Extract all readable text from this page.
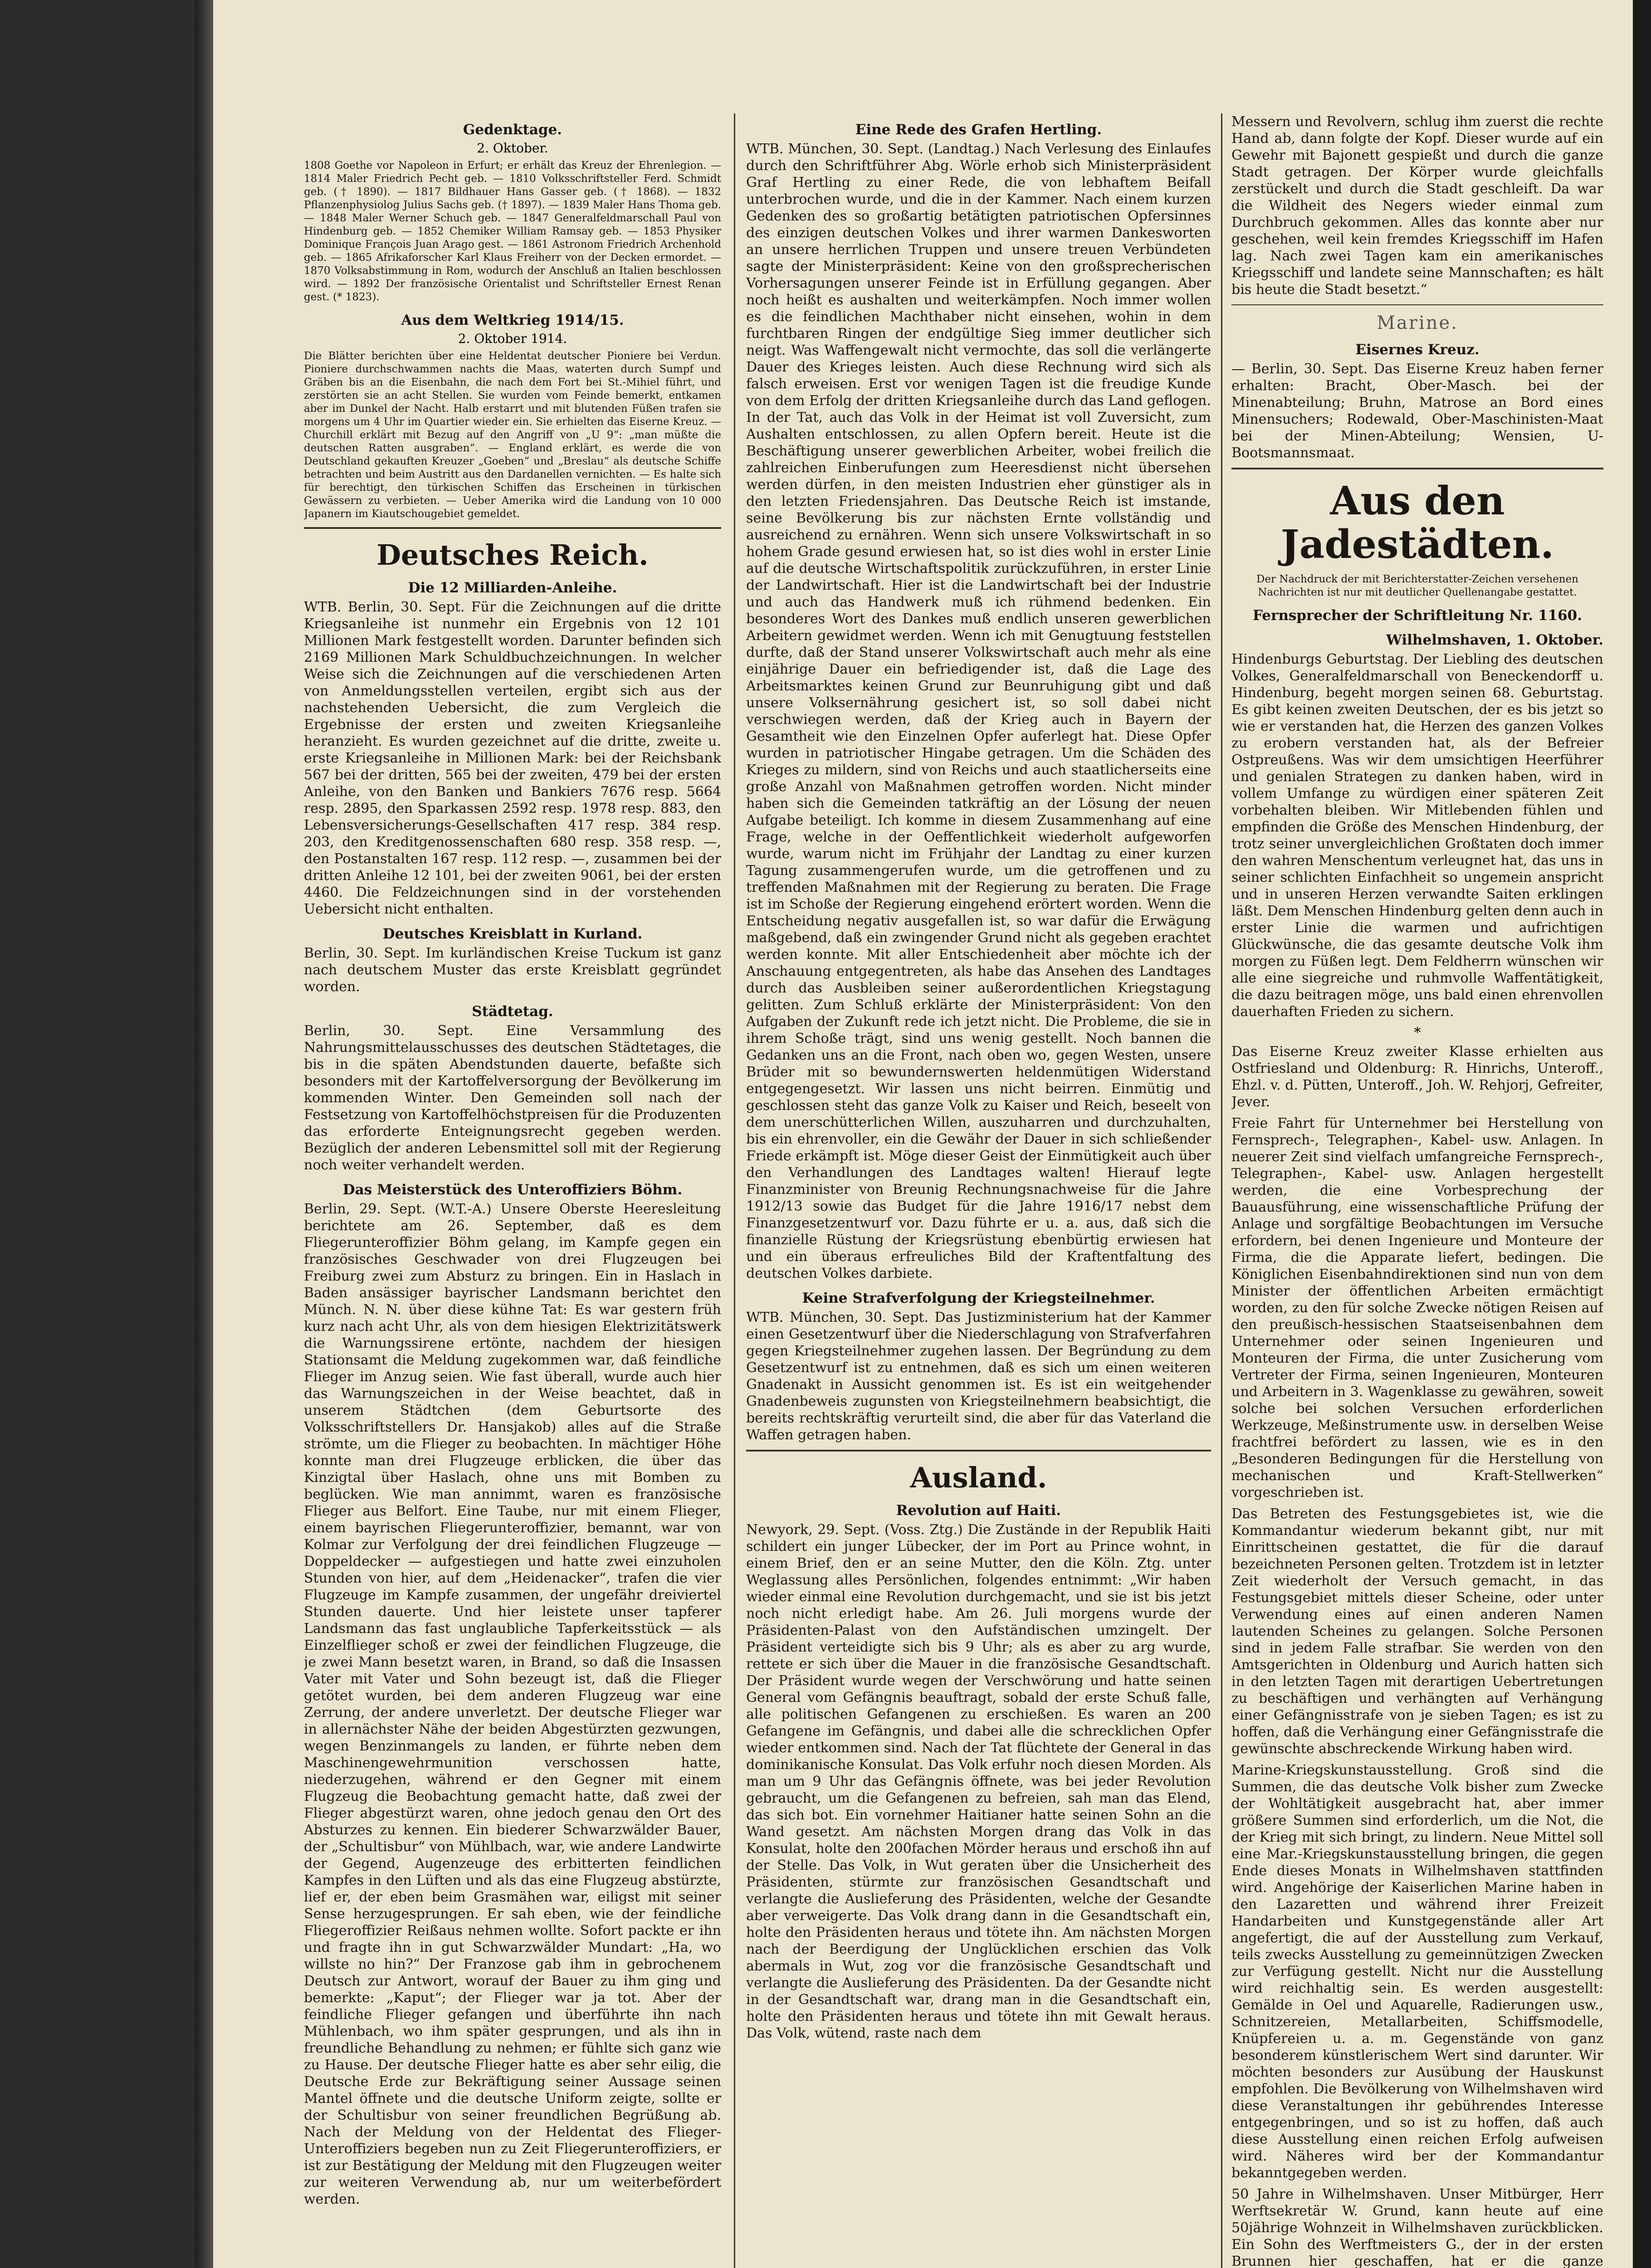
Gedenktage.
2. Oktober.

1808 Goethe vor Napoleon in Erfurt; er erhält das Kreuz der Ehrenlegion. — 1814 Maler Friedrich Pecht geb. — 1810 Volksschriftsteller Ferd. Schmidt geb. († 1890). — 1817 Bildhauer Hans Gasser geb. († 1868). — 1832 Pflanzenphysiolog Julius Sachs geb. († 1897). — 1839 Maler Hans Thoma geb. — 1848 Maler Werner Schuch geb. — 1847 Generalfeldmarschall Paul von Hindenburg geb. — 1852 Chemiker William Ramsay geb. — 1853 Physiker Dominique François Juan Arago gest. — 1861 Astronom Friedrich Archenhold geb. — 1865 Afrikaforscher Karl Klaus Freiherr von der Decken ermordet. — 1870 Volksabstimmung in Rom, wodurch der Anschluß an Italien beschlossen wird. — 1892 Der französische Orientalist und Schriftsteller Ernest Renan gest. (* 1823).

Aus dem Weltkrieg 1914/15.
2. Oktober 1914.

Die Blätter berichten über eine Heldentat deutscher Pioniere bei Verdun. Pioniere durchschwammen nachts die Maas, waterten durch Sumpf und Gräben bis an die Eisenbahn, die nach dem Fort bei St.-Mihiel führt, und zerstörten sie an acht Stellen. Sie wurden vom Feinde bemerkt, entkamen aber im Dunkel der Nacht. Halb erstarrt und mit blutenden Füßen trafen sie morgens um 4 Uhr im Quartier wieder ein. Sie erhielten das Eiserne Kreuz. — Churchill erklärt mit Bezug auf den Angriff von „U 9“: „man müßte die deutschen Ratten ausgraben“. — England erklärt, es werde die von Deutschland gekauften Kreuzer „Goeben“ und „Breslau“ als deutsche Schiffe betrachten und beim Austritt aus den Dardanellen vernichten. — Es halte sich für berechtigt, den türkischen Schiffen das Erscheinen in türkischen Gewässern zu verbieten. — Ueber Amerika wird die Landung von 10 000 Japanern im Kiautschougebiet gemeldet.

Deutsches Reich.
Die 12 Milliarden-Anleihe.

WTB. Berlin, 30. Sept. Für die Zeichnungen auf die dritte Kriegsanleihe ist nunmehr ein Ergebnis von 12 101 Millionen Mark festgestellt worden. Darunter befinden sich 2169 Millionen Mark Schuldbuchzeichnungen. In welcher Weise sich die Zeichnungen auf die verschiedenen Arten von Anmeldungsstellen verteilen, ergibt sich aus der nachstehenden Uebersicht, die zum Vergleich die Ergebnisse der ersten und zweiten Kriegsanleihe heranzieht. Es wurden gezeichnet auf die dritte, zweite u. erste Kriegsanleihe in Millionen Mark: bei der Reichsbank 567 bei der dritten, 565 bei der zweiten, 479 bei der ersten Anleihe, von den Banken und Bankiers 7676 resp. 5664 resp. 2895, den Sparkassen 2592 resp. 1978 resp. 883, den Lebensversicherungs-Gesellschaften 417 resp. 384 resp. 203, den Kreditgenossenschaften 680 resp. 358 resp. —, den Postanstalten 167 resp. 112 resp. —, zusammen bei der dritten Anleihe 12 101, bei der zweiten 9061, bei der ersten 4460. Die Feldzeichnungen sind in der vorstehenden Uebersicht nicht enthalten.

Deutsches Kreisblatt in Kurland.

Berlin, 30. Sept. Im kurländischen Kreise Tuckum ist ganz nach deutschem Muster das erste Kreisblatt gegründet worden.

Städtetag.

Berlin, 30. Sept. Eine Versammlung des Nahrungsmittelausschusses des deutschen Städtetages, die bis in die späten Abendstunden dauerte, befaßte sich besonders mit der Kartoffelversorgung der Bevölkerung im kommenden Winter. Den Gemeinden soll nach der Festsetzung von Kartoffelhöchstpreisen für die Produzenten das erforderte Enteignungsrecht gegeben werden. Bezüglich der anderen Lebensmittel soll mit der Regierung noch weiter verhandelt werden.

Das Meisterstück des Unteroffiziers Böhm.

Berlin, 29. Sept. (W.T.-A.) Unsere Oberste Heeresleitung berichtete am 26. September, daß es dem Fliegerunteroffizier Böhm gelang, im Kampfe gegen ein französisches Geschwader von drei Flugzeugen bei Freiburg zwei zum Absturz zu bringen. Ein in Haslach in Baden ansässiger bayrischer Landsmann berichtet den Münch. N. N. über diese kühne Tat: Es war gestern früh kurz nach acht Uhr, als von dem hiesigen Elektrizitätswerk die Warnungssirene ertönte, nachdem der hiesigen Stationsamt die Meldung zugekommen war, daß feindliche Flieger im Anzug seien. Wie fast überall, wurde auch hier das Warnungszeichen in der Weise beachtet, daß in unserem Städtchen (dem Geburtsorte des Volksschriftstellers Dr. Hansjakob) alles auf die Straße strömte, um die Flieger zu beobachten. In mächtiger Höhe konnte man drei Flugzeuge erblicken, die über das Kinzigtal über Haslach, ohne uns mit Bomben zu beglücken. Wie man annimmt, waren es französische Flieger aus Belfort. Eine Taube, nur mit einem Flieger, einem bayrischen Fliegerunteroffizier, bemannt, war von Kolmar zur Verfolgung der drei feindlichen Flugzeuge — Doppeldecker — aufgestiegen und hatte zwei einzuholen Stunden von hier, auf dem „Heidenacker“, trafen die vier Flugzeuge im Kampfe zusammen, der ungefähr dreiviertel Stunden dauerte. Und hier leistete unser tapferer Landsmann das fast unglaubliche Tapferkeitsstück — als Einzelflieger schoß er zwei der feindlichen Flugzeuge, die je zwei Mann besetzt waren, in Brand, so daß die Insassen Vater mit Vater und Sohn bezeugt ist, daß die Flieger getötet wurden, bei dem anderen Flugzeug war eine Zerrung, der andere unverletzt. Der deutsche Flieger war in allernächster Nähe der beiden Abgestürzten gezwungen, wegen Benzinmangels zu landen, er führte neben dem Maschinengewehrmunition verschossen hatte, niederzugehen, während er den Gegner mit einem Flugzeug die Beobachtung gemacht hatte, daß zwei der Flieger abgestürzt waren, ohne jedoch genau den Ort des Absturzes zu kennen. Ein biederer Schwarzwälder Bauer, der „Schultisbur“ von Mühlbach, war, wie andere Landwirte der Gegend, Augenzeuge des erbitterten feindlichen Kampfes in den Lüften und als das eine Flugzeug abstürzte, lief er, der eben beim Grasmähen war, eiligst mit seiner Sense herzugesprungen. Er sah eben, wie der feindliche Fliegeroffizier Reißaus nehmen wollte. Sofort packte er ihn und fragte ihn in gut Schwarzwälder Mundart: „Ha, wo willste no hin?“ Der Franzose gab ihm in gebrochenem Deutsch zur Antwort, worauf der Bauer zu ihm ging und bemerkte: „Kaput“; der Flieger war ja tot. Aber der feindliche Flieger gefangen und überführte ihn nach Mühlenbach, wo ihm später gesprungen, und als ihn in freundliche Behandlung zu nehmen; er fühlte sich ganz wie zu Hause. Der deutsche Flieger hatte es aber sehr eilig, die Deutsche Erde zur Bekräftigung seiner Aussage seinen Mantel öffnete und die deutsche Uniform zeigte, sollte er der Schultisbur von seiner freundlichen Begrüßung ab. Nach der Meldung von der Heldentat des Flieger-Unteroffiziers begeben nun zu Zeit Fliegerunteroffiziers, er ist zur Bestätigung der Meldung mit den Flugzeugen weiter zur weiteren Verwendung ab, nur um weiterbefördert werden.

Eine Rede des Grafen Hertling.

WTB. München, 30. Sept. (Landtag.) Nach Verlesung des Einlaufes durch den Schriftführer Abg. Wörle erhob sich Ministerpräsident Graf Hertling zu einer Rede, die von lebhaftem Beifall unterbrochen wurde, und die in der Kammer. Nach einem kurzen Gedenken des so großartig betätigten patriotischen Opfersinnes des einzigen deutschen Volkes und ihrer warmen Dankesworten an unsere herrlichen Truppen und unsere treuen Verbündeten sagte der Ministerpräsident: Keine von den großsprecherischen Vorhersagungen unserer Feinde ist in Erfüllung gegangen. Aber noch heißt es aushalten und weiterkämpfen. Noch immer wollen es die feindlichen Machthaber nicht einsehen, wohin in dem furchtbaren Ringen der endgültige Sieg immer deutlicher sich neigt. Was Waffengewalt nicht vermochte, das soll die verlängerte Dauer des Krieges leisten. Auch diese Rechnung wird sich als falsch erweisen. Erst vor wenigen Tagen ist die freudige Kunde von dem Erfolg der dritten Kriegsanleihe durch das Land geflogen. In der Tat, auch das Volk in der Heimat ist voll Zuversicht, zum Aushalten entschlossen, zu allen Opfern bereit. Heute ist die Beschäftigung unserer gewerblichen Arbeiter, wobei freilich die zahlreichen Einberufungen zum Heeresdienst nicht übersehen werden dürfen, in den meisten Industrien eher günstiger als in den letzten Friedensjahren. Das Deutsche Reich ist imstande, seine Bevölkerung bis zur nächsten Ernte vollständig und ausreichend zu ernähren. Wenn sich unsere Volkswirtschaft in so hohem Grade gesund erwiesen hat, so ist dies wohl in erster Linie auf die deutsche Wirtschaftspolitik zurückzuführen, in erster Linie der Landwirtschaft. Hier ist die Landwirtschaft bei der Industrie und auch das Handwerk muß ich rühmend bedenken. Ein besonderes Wort des Dankes muß endlich unseren gewerblichen Arbeitern gewidmet werden. Wenn ich mit Genugtuung feststellen durfte, daß der Stand unserer Volkswirtschaft auch mehr als eine einjährige Dauer ein befriedigender ist, daß die Lage des Arbeitsmarktes keinen Grund zur Beunruhigung gibt und daß unsere Volksernährung gesichert ist, so soll dabei nicht verschwiegen werden, daß der Krieg auch in Bayern der Gesamtheit wie den Einzelnen Opfer auferlegt hat. Diese Opfer wurden in patriotischer Hingabe getragen. Um die Schäden des Krieges zu mildern, sind von Reichs und auch staatlicherseits eine große Anzahl von Maßnahmen getroffen worden. Nicht minder haben sich die Gemeinden tatkräftig an der Lösung der neuen Aufgabe beteiligt. Ich komme in diesem Zusammenhang auf eine Frage, welche in der Oeffentlichkeit wiederholt aufgeworfen wurde, warum nicht im Frühjahr der Landtag zu einer kurzen Tagung zusammengerufen wurde, um die getroffenen und zu treffenden Maßnahmen mit der Regierung zu beraten. Die Frage ist im Schoße der Regierung eingehend erörtert worden. Wenn die Entscheidung negativ ausgefallen ist, so war dafür die Erwägung maßgebend, daß ein zwingender Grund nicht als gegeben erachtet werden konnte. Mit aller Entschiedenheit aber möchte ich der Anschauung entgegentreten, als habe das Ansehen des Landtages durch das Ausbleiben seiner außerordentlichen Kriegstagung gelitten. Zum Schluß erklärte der Ministerpräsident: Von den Aufgaben der Zukunft rede ich jetzt nicht. Die Probleme, die sie in ihrem Schoße trägt, sind uns wenig gestellt. Noch bannen die Gedanken uns an die Front, nach oben wo, gegen Westen, unsere Brüder mit so bewundernswerten heldenmütigen Widerstand entgegengesetzt. Wir lassen uns nicht beirren. Einmütig und geschlossen steht das ganze Volk zu Kaiser und Reich, beseelt von dem unerschütterlichen Willen, auszuharren und durchzuhalten, bis ein ehrenvoller, ein die Gewähr der Dauer in sich schließender Friede erkämpft ist. Möge dieser Geist der Einmütigkeit auch über den Verhandlungen des Landtages walten! Hierauf legte Finanzminister von Breunig Rechnungsnachweise für die Jahre 1912/13 sowie das Budget für die Jahre 1916/17 nebst dem Finanzgesetzentwurf vor. Dazu führte er u. a. aus, daß sich die finanzielle Rüstung der Kriegsrüstung ebenbürtig erwiesen hat und ein überaus erfreuliches Bild der Kraftentfaltung des deutschen Volkes darbiete.

Keine Strafverfolgung der Kriegsteilnehmer.

WTB. München, 30. Sept. Das Justizministerium hat der Kammer einen Gesetzentwurf über die Niederschlagung von Strafverfahren gegen Kriegsteilnehmer zugehen lassen. Der Begründung zu dem Gesetzentwurf ist zu entnehmen, daß es sich um einen weiteren Gnadenakt in Aussicht genommen ist. Es ist ein weitgehender Gnadenbeweis zugunsten von Kriegsteilnehmern beabsichtigt, die bereits rechtskräftig verurteilt sind, die aber für das Vaterland die Waffen getragen haben.

Ausland.
Revolution auf Haiti.

Newyork, 29. Sept. (Voss. Ztg.) Die Zustände in der Republik Haiti schildert ein junger Lübecker, der im Port au Prince wohnt, in einem Brief, den er an seine Mutter, den die Köln. Ztg. unter Weglassung alles Persönlichen, folgendes entnimmt: „Wir haben wieder einmal eine Revolution durchgemacht, und sie ist bis jetzt noch nicht erledigt habe. Am 26. Juli morgens wurde der Präsidenten-Palast von den Aufständischen umzingelt. Der Präsident verteidigte sich bis 9 Uhr; als es aber zu arg wurde, rettete er sich über die Mauer in die französische Gesandtschaft. Der Präsident wurde wegen der Verschwörung und hatte seinen General vom Gefängnis beauftragt, sobald der erste Schuß falle, alle politischen Gefangenen zu erschießen. Es waren an 200 Gefangene im Gefängnis, und dabei alle die schrecklichen Opfer wieder entkommen sind. Nach der Tat flüchtete der General in das dominikanische Konsulat. Das Volk erfuhr noch diesen Morden. Als man um 9 Uhr das Gefängnis öffnete, was bei jeder Revolution gebraucht, um die Gefangenen zu befreien, sah man das Elend, das sich bot. Ein vornehmer Haitianer hatte seinen Sohn an die Wand gesetzt. Am nächsten Morgen drang das Volk in das Konsulat, holte den 200fachen Mörder heraus und erschoß ihn auf der Stelle. Das Volk, in Wut geraten über die Unsicherheit des Präsidenten, stürmte zur französischen Gesandtschaft und verlangte die Auslieferung des Präsidenten, welche der Gesandte aber verweigerte. Das Volk drang dann in die Gesandtschaft ein, holte den Präsidenten heraus und tötete ihn. Am nächsten Morgen nach der Beerdigung der Unglücklichen erschien das Volk abermals in Wut, zog vor die französische Gesandtschaft und verlangte die Auslieferung des Präsidenten. Da der Gesandte nicht in der Gesandtschaft war, drang man in die Gesandtschaft ein, holte den Präsidenten heraus und tötete ihn mit Gewalt heraus. Das Volk, wütend, raste nach dem

Messern und Revolvern, schlug ihm zuerst die rechte Hand ab, dann folgte der Kopf. Dieser wurde auf ein Gewehr mit Bajonett gespießt und durch die ganze Stadt getragen. Der Körper wurde gleichfalls zerstückelt und durch die Stadt geschleift. Da war die Wildheit des Negers wieder einmal zum Durchbruch gekommen. Alles das konnte aber nur geschehen, weil kein fremdes Kriegsschiff im Hafen lag. Nach zwei Tagen kam ein amerikanisches Kriegsschiff und landete seine Mannschaften; es hält bis heute die Stadt besetzt.“

Marine.
Eisernes Kreuz.

— Berlin, 30. Sept. Das Eiserne Kreuz haben ferner erhalten: Bracht, Ober-Masch. bei der Minenabteilung; Bruhn, Matrose an Bord eines Minensuchers; Rodewald, Ober-Maschinisten-Maat bei der Minen-Abteilung; Wensien, U-Bootsmannsmaat.

Aus den Jadestädten.

Der Nachdruck der mit Berichterstatter-Zeichen versehenen Nachrichten ist nur mit deutlicher Quellenangabe gestattet.

Fernsprecher der Schriftleitung Nr. 1160.
Wilhelmshaven, 1. Oktober.

Hindenburgs Geburtstag. Der Liebling des deutschen Volkes, Generalfeldmarschall von Beneckendorff u. Hindenburg, begeht morgen seinen 68. Geburtstag. Es gibt keinen zweiten Deutschen, der es bis jetzt so wie er verstanden hat, die Herzen des ganzen Volkes zu erobern verstanden hat, als der Befreier Ostpreußens. Was wir dem umsichtigen Heerführer und genialen Strategen zu danken haben, wird in vollem Umfange zu würdigen einer späteren Zeit vorbehalten bleiben. Wir Mitlebenden fühlen und empfinden die Größe des Menschen Hindenburg, der trotz seiner unvergleichlichen Großtaten doch immer den wahren Menschentum verleugnet hat, das uns in seiner schlichten Einfachheit so ungemein anspricht und in unseren Herzen verwandte Saiten erklingen läßt. Dem Menschen Hindenburg gelten denn auch in erster Linie die warmen und aufrichtigen Glückwünsche, die das gesamte deutsche Volk ihm morgen zu Füßen legt. Dem Feldherrn wünschen wir alle eine siegreiche und ruhmvolle Waffentätigkeit, die dazu beitragen möge, uns bald einen ehrenvollen dauerhaften Frieden zu sichern.

*

Das Eiserne Kreuz zweiter Klasse erhielten aus Ostfriesland und Oldenburg: R. Hinrichs, Unteroff., Ehzl. v. d. Pütten, Unteroff., Joh. W. Rehjorj, Gefreiter, Jever.

Freie Fahrt für Unternehmer bei Herstellung von Fernsprech-, Telegraphen-, Kabel- usw. Anlagen. In neuerer Zeit sind vielfach umfangreiche Fernsprech-, Telegraphen-, Kabel- usw. Anlagen hergestellt werden, die eine Vorbesprechung der Bauausführung, eine wissenschaftliche Prüfung der Anlage und sorgfältige Beobachtungen im Versuche erfordern, bei denen Ingenieure und Monteure der Firma, die die Apparate liefert, bedingen. Die Königlichen Eisenbahndirektionen sind nun von dem Minister der öffentlichen Arbeiten ermächtigt worden, zu den für solche Zwecke nötigen Reisen auf den preußisch-hessischen Staatseisenbahnen dem Unternehmer oder seinen Ingenieuren und Monteuren der Firma, die unter Zusicherung vom Vertreter der Firma, seinen Ingenieuren, Monteuren und Arbeitern in 3. Wagenklasse zu gewähren, soweit solche bei solchen Versuchen erforderlichen Werkzeuge, Meßinstrumente usw. in derselben Weise frachtfrei befördert zu lassen, wie es in den „Besonderen Bedingungen für die Herstellung von mechanischen und Kraft-Stellwerken“ vorgeschrieben ist.

Das Betreten des Festungsgebietes ist, wie die Kommandantur wiederum bekannt gibt, nur mit Einrittscheinen gestattet, die für die darauf bezeichneten Personen gelten. Trotzdem ist in letzter Zeit wiederholt der Versuch gemacht, in das Festungsgebiet mittels dieser Scheine, oder unter Verwendung eines auf einen anderen Namen lautenden Scheines zu gelangen. Solche Personen sind in jedem Falle strafbar. Sie werden von den Amtsgerichten in Oldenburg und Aurich hatten sich in den letzten Tagen mit derartigen Uebertretungen zu beschäftigen und verhängten auf Verhängung einer Gefängnisstrafe von je sieben Tagen; es ist zu hoffen, daß die Verhängung einer Gefängnisstrafe die gewünschte abschreckende Wirkung haben wird.

Marine-Kriegskunstausstellung. Groß sind die Summen, die das deutsche Volk bisher zum Zwecke der Wohltätigkeit ausgebracht hat, aber immer größere Summen sind erforderlich, um die Not, die der Krieg mit sich bringt, zu lindern. Neue Mittel soll eine Mar.-Kriegskunstausstellung bringen, die gegen Ende dieses Monats in Wilhelmshaven stattfinden wird. Angehörige der Kaiserlichen Marine haben in den Lazaretten und während ihrer Freizeit Handarbeiten und Kunstgegenstände aller Art angefertigt, die auf der Ausstellung zum Verkauf, teils zwecks Ausstellung zu gemeinnützigen Zwecken zur Verfügung gestellt. Nicht nur die Ausstellung wird reichhaltig sein. Es werden ausgestellt: Gemälde in Oel und Aquarelle, Radierungen usw., Schnitzereien, Metallarbeiten, Schiffsmodelle, Knüpfereien u. a. m. Gegenstände von ganz besonderem künstlerischem Wert sind darunter. Wir möchten besonders zur Ausübung der Hauskunst empfohlen. Die Bevölkerung von Wilhelmshaven wird diese Veranstaltungen ihr gebührendes Interesse entgegenbringen, und so ist zu hoffen, daß auch diese Ausstellung einen reichen Erfolg aufweisen wird. Näheres wird ber der Kommandantur bekanntgegeben werden.

50 Jahre in Wilhelmshaven. Unser Mitbürger, Herr Werftsekretär W. Grund, kann heute auf eine 50jährige Wohnzeit in Wilhelmshaven zurückblicken. Ein Sohn des Werftmeisters G., der in der ersten Brunnen hier geschaffen, hat er die ganze
